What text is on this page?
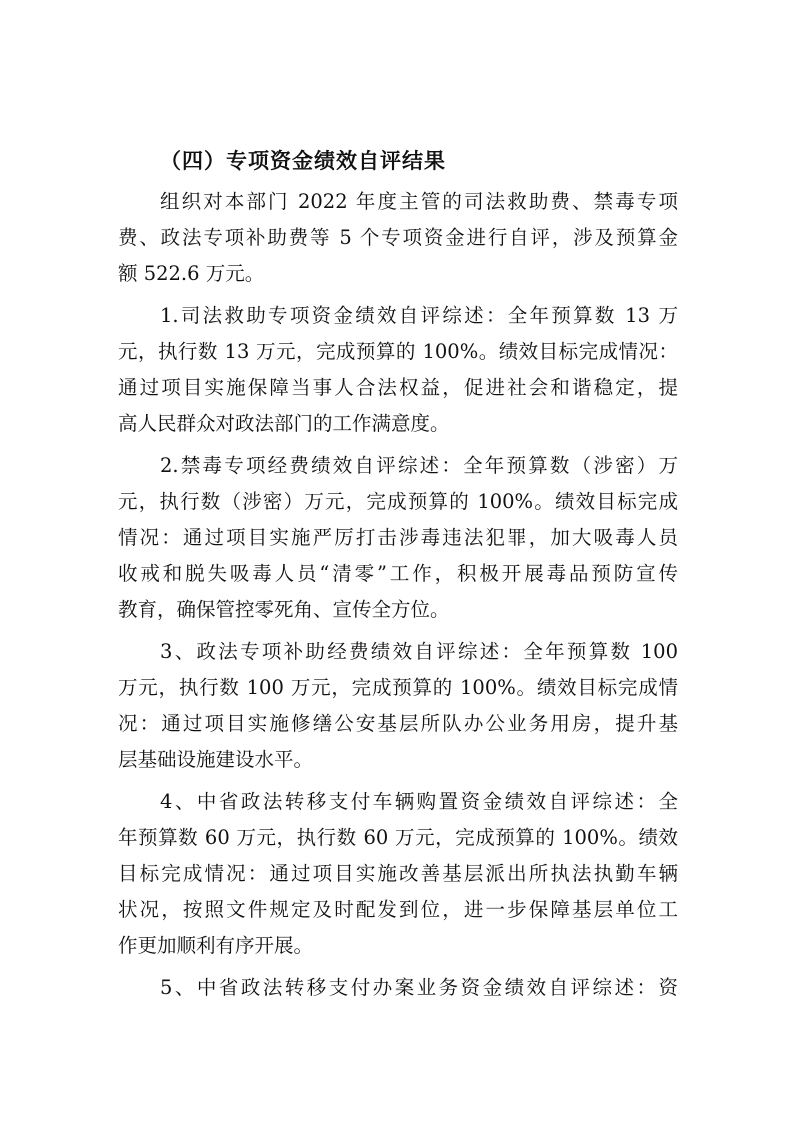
（四）专项资金绩效自评结果
组织对本部门 2022 年度主管的司法救助费、禁毒专项
费、政法专项补助费等 5 个专项资金进行自评，涉及预算金
额 522.6 万元。
1.司法救助专项资金绩效自评综述：全年预算数 13 万
元，执行数 13 万元，完成预算的 100%。绩效目标完成情况：
通过项目实施保障当事人合法权益，促进社会和谐稳定，提
高人民群众对政法部门的工作满意度。
2.禁毒专项经费绩效自评综述：全年预算数（涉密）万
元，执行数（涉密）万元，完成预算的 100%。绩效目标完成
情况：通过项目实施严厉打击涉毒违法犯罪，加大吸毒人员
收戒和脱失吸毒人员“清零”工作，积极开展毒品预防宣传
教育，确保管控零死角、宣传全方位。
3、政法专项补助经费绩效自评综述：全年预算数 100
万元，执行数 100 万元，完成预算的 100%。绩效目标完成情
况：通过项目实施修缮公安基层所队办公业务用房，提升基
层基础设施建设水平。
4、中省政法转移支付车辆购置资金绩效自评综述：全
年预算数 60 万元，执行数 60 万元，完成预算的 100%。绩效
目标完成情况：通过项目实施改善基层派出所执法执勤车辆
状况，按照文件规定及时配发到位，进一步保障基层单位工
作更加顺利有序开展。
5、中省政法转移支付办案业务资金绩效自评综述：资
